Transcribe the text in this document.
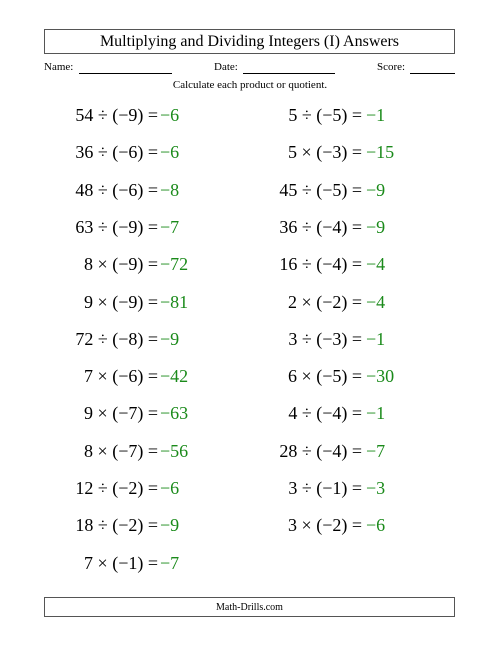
Multiplying and Dividing Integers (I) Answers
Name:	Date:	Score:
Calculate each product or quotient.
54 ÷ (−9) = −6
36 ÷ (−6) = −6
48 ÷ (−6) = −8
63 ÷ (−9) = −7
8 × (−9) = −72
9 × (−9) = −81
72 ÷ (−8) = −9
7 × (−6) = −42
9 × (−7) = −63
8 × (−7) = −56
12 ÷ (−2) = −6
18 ÷ (−2) = −9
7 × (−1) = −7
5 ÷ (−5) = −1
5 × (−3) = −15
45 ÷ (−5) = −9
36 ÷ (−4) = −9
16 ÷ (−4) = −4
2 × (−2) = −4
3 ÷ (−3) = −1
6 × (−5) = −30
4 ÷ (−4) = −1
28 ÷ (−4) = −7
3 ÷ (−1) = −3
3 × (−2) = −6
Math-Drills.com
